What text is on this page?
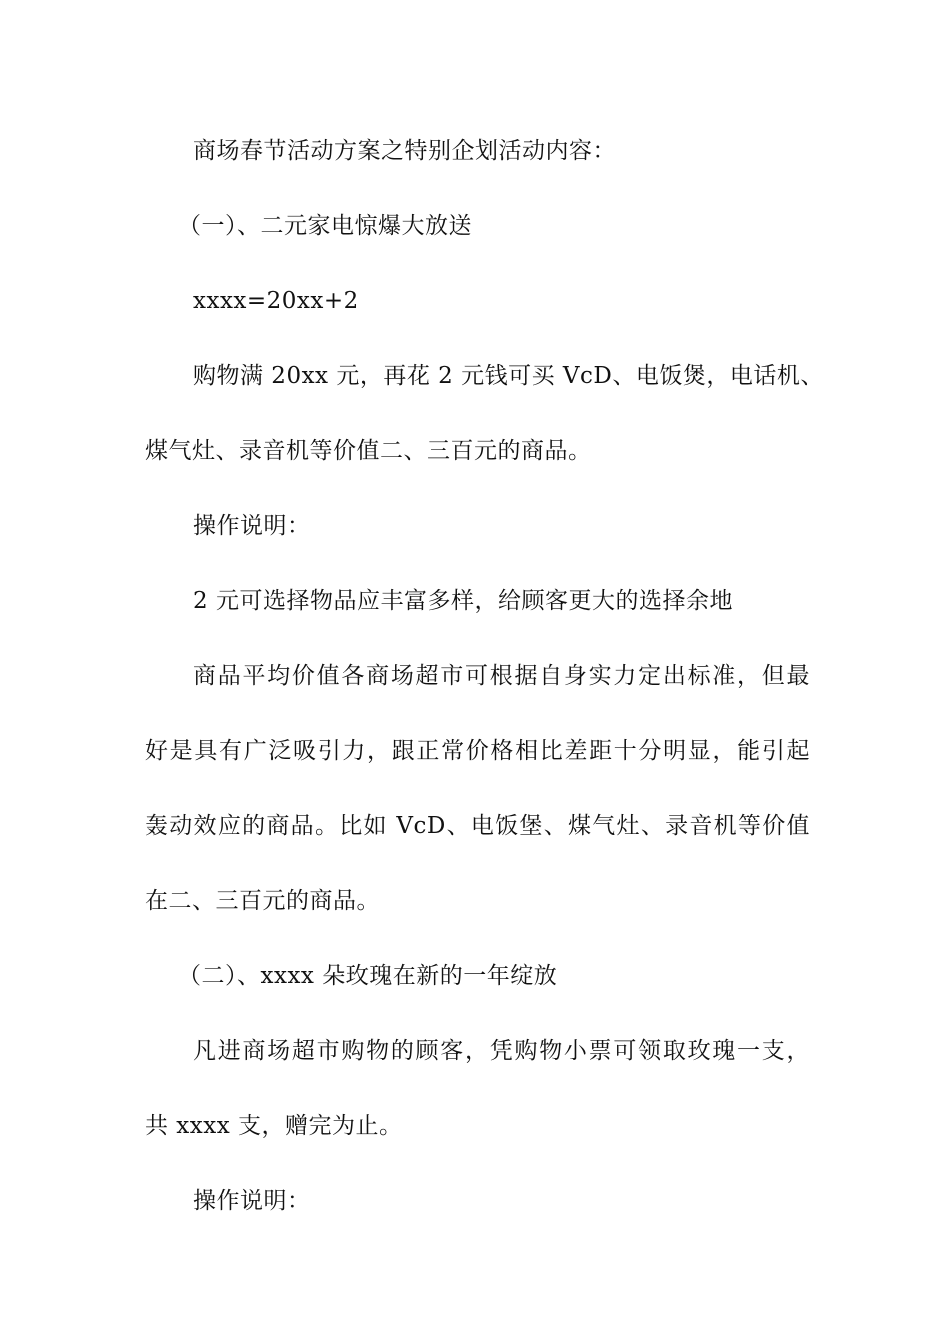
商场春节活动方案之特别企划活动内容：
（一）、二元家电惊爆大放送
xxxx=20xx+2
购物满 20xx 元，再花 2 元钱可买 VcD、电饭煲，电话机、
煤气灶、录音机等价值二、三百元的商品。
操作说明：
2 元可选择物品应丰富多样，给顾客更大的选择余地
商品平均价值各商场超市可根据自身实力定出标准，但最
好是具有广泛吸引力，跟正常价格相比差距十分明显，能引起
轰动效应的商品。比如 VcD、电饭堡、煤气灶、录音机等价值
在二、三百元的商品。
（二）、xxxx 朵玫瑰在新的一年绽放
凡进商场超市购物的顾客，凭购物小票可领取玫瑰一支，
共 xxxx 支，赠完为止。
操作说明：
